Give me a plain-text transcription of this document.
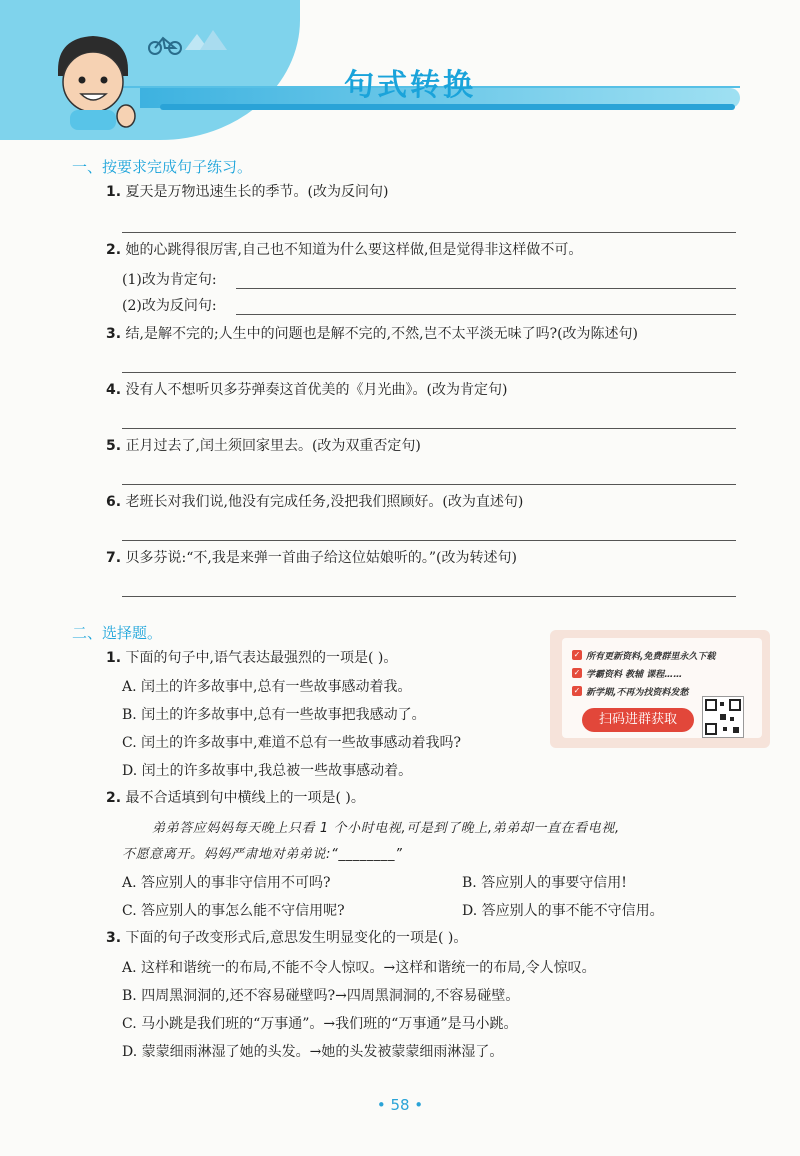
句式转换
一、按要求完成句子练习。
1. 夏天是万物迅速生长的季节。(改为反问句)
2. 她的心跳得很厉害,自己也不知道为什么要这样做,但是觉得非这样做不可。
(1)改为肯定句:
(2)改为反问句:
3. 结,是解不完的;人生中的问题也是解不完的,不然,岂不太平淡无味了吗?(改为陈述句)
4. 没有人不想听贝多芬弹奏这首优美的《月光曲》。(改为肯定句)
5. 正月过去了,闰土须回家里去。(改为双重否定句)
6. 老班长对我们说,他没有完成任务,没把我们照顾好。(改为直述句)
7. 贝多芬说:“不,我是来弹一首曲子给这位姑娘听的。”(改为转述句)
二、选择题。
1. 下面的句子中,语气表达最强烈的一项是( )。
A. 闰土的许多故事中,总有一些故事感动着我。
B. 闰土的许多故事中,总有一些故事把我感动了。
C. 闰土的许多故事中,难道不总有一些故事感动着我吗?
D. 闰土的许多故事中,我总被一些故事感动着。
✓ 所有更新资料,免费群里永久下载
✓ 学霸资料 教辅 课程……
✓ 新学期,不再为找资料发愁
扫码进群获取
2. 最不合适填到句中横线上的一项是( )。
弟弟答应妈妈每天晚上只看 1 个小时电视,可是到了晚上,弟弟却一直在看电视,
不愿意离开。妈妈严肃地对弟弟说:“________”
A. 答应别人的事非守信用不可吗?	B. 答应别人的事要守信用!
C. 答应别人的事怎么能不守信用呢?	D. 答应别人的事不能不守信用。
3. 下面的句子改变形式后,意思发生明显变化的一项是( )。
A. 这样和谐统一的布局,不能不令人惊叹。→这样和谐统一的布局,令人惊叹。
B. 四周黑洞洞的,还不容易碰壁吗?→四周黑洞洞的,不容易碰壁。
C. 马小跳是我们班的“万事通”。→我们班的“万事通”是马小跳。
D. 蒙蒙细雨淋湿了她的头发。→她的头发被蒙蒙细雨淋湿了。
• 58 •
